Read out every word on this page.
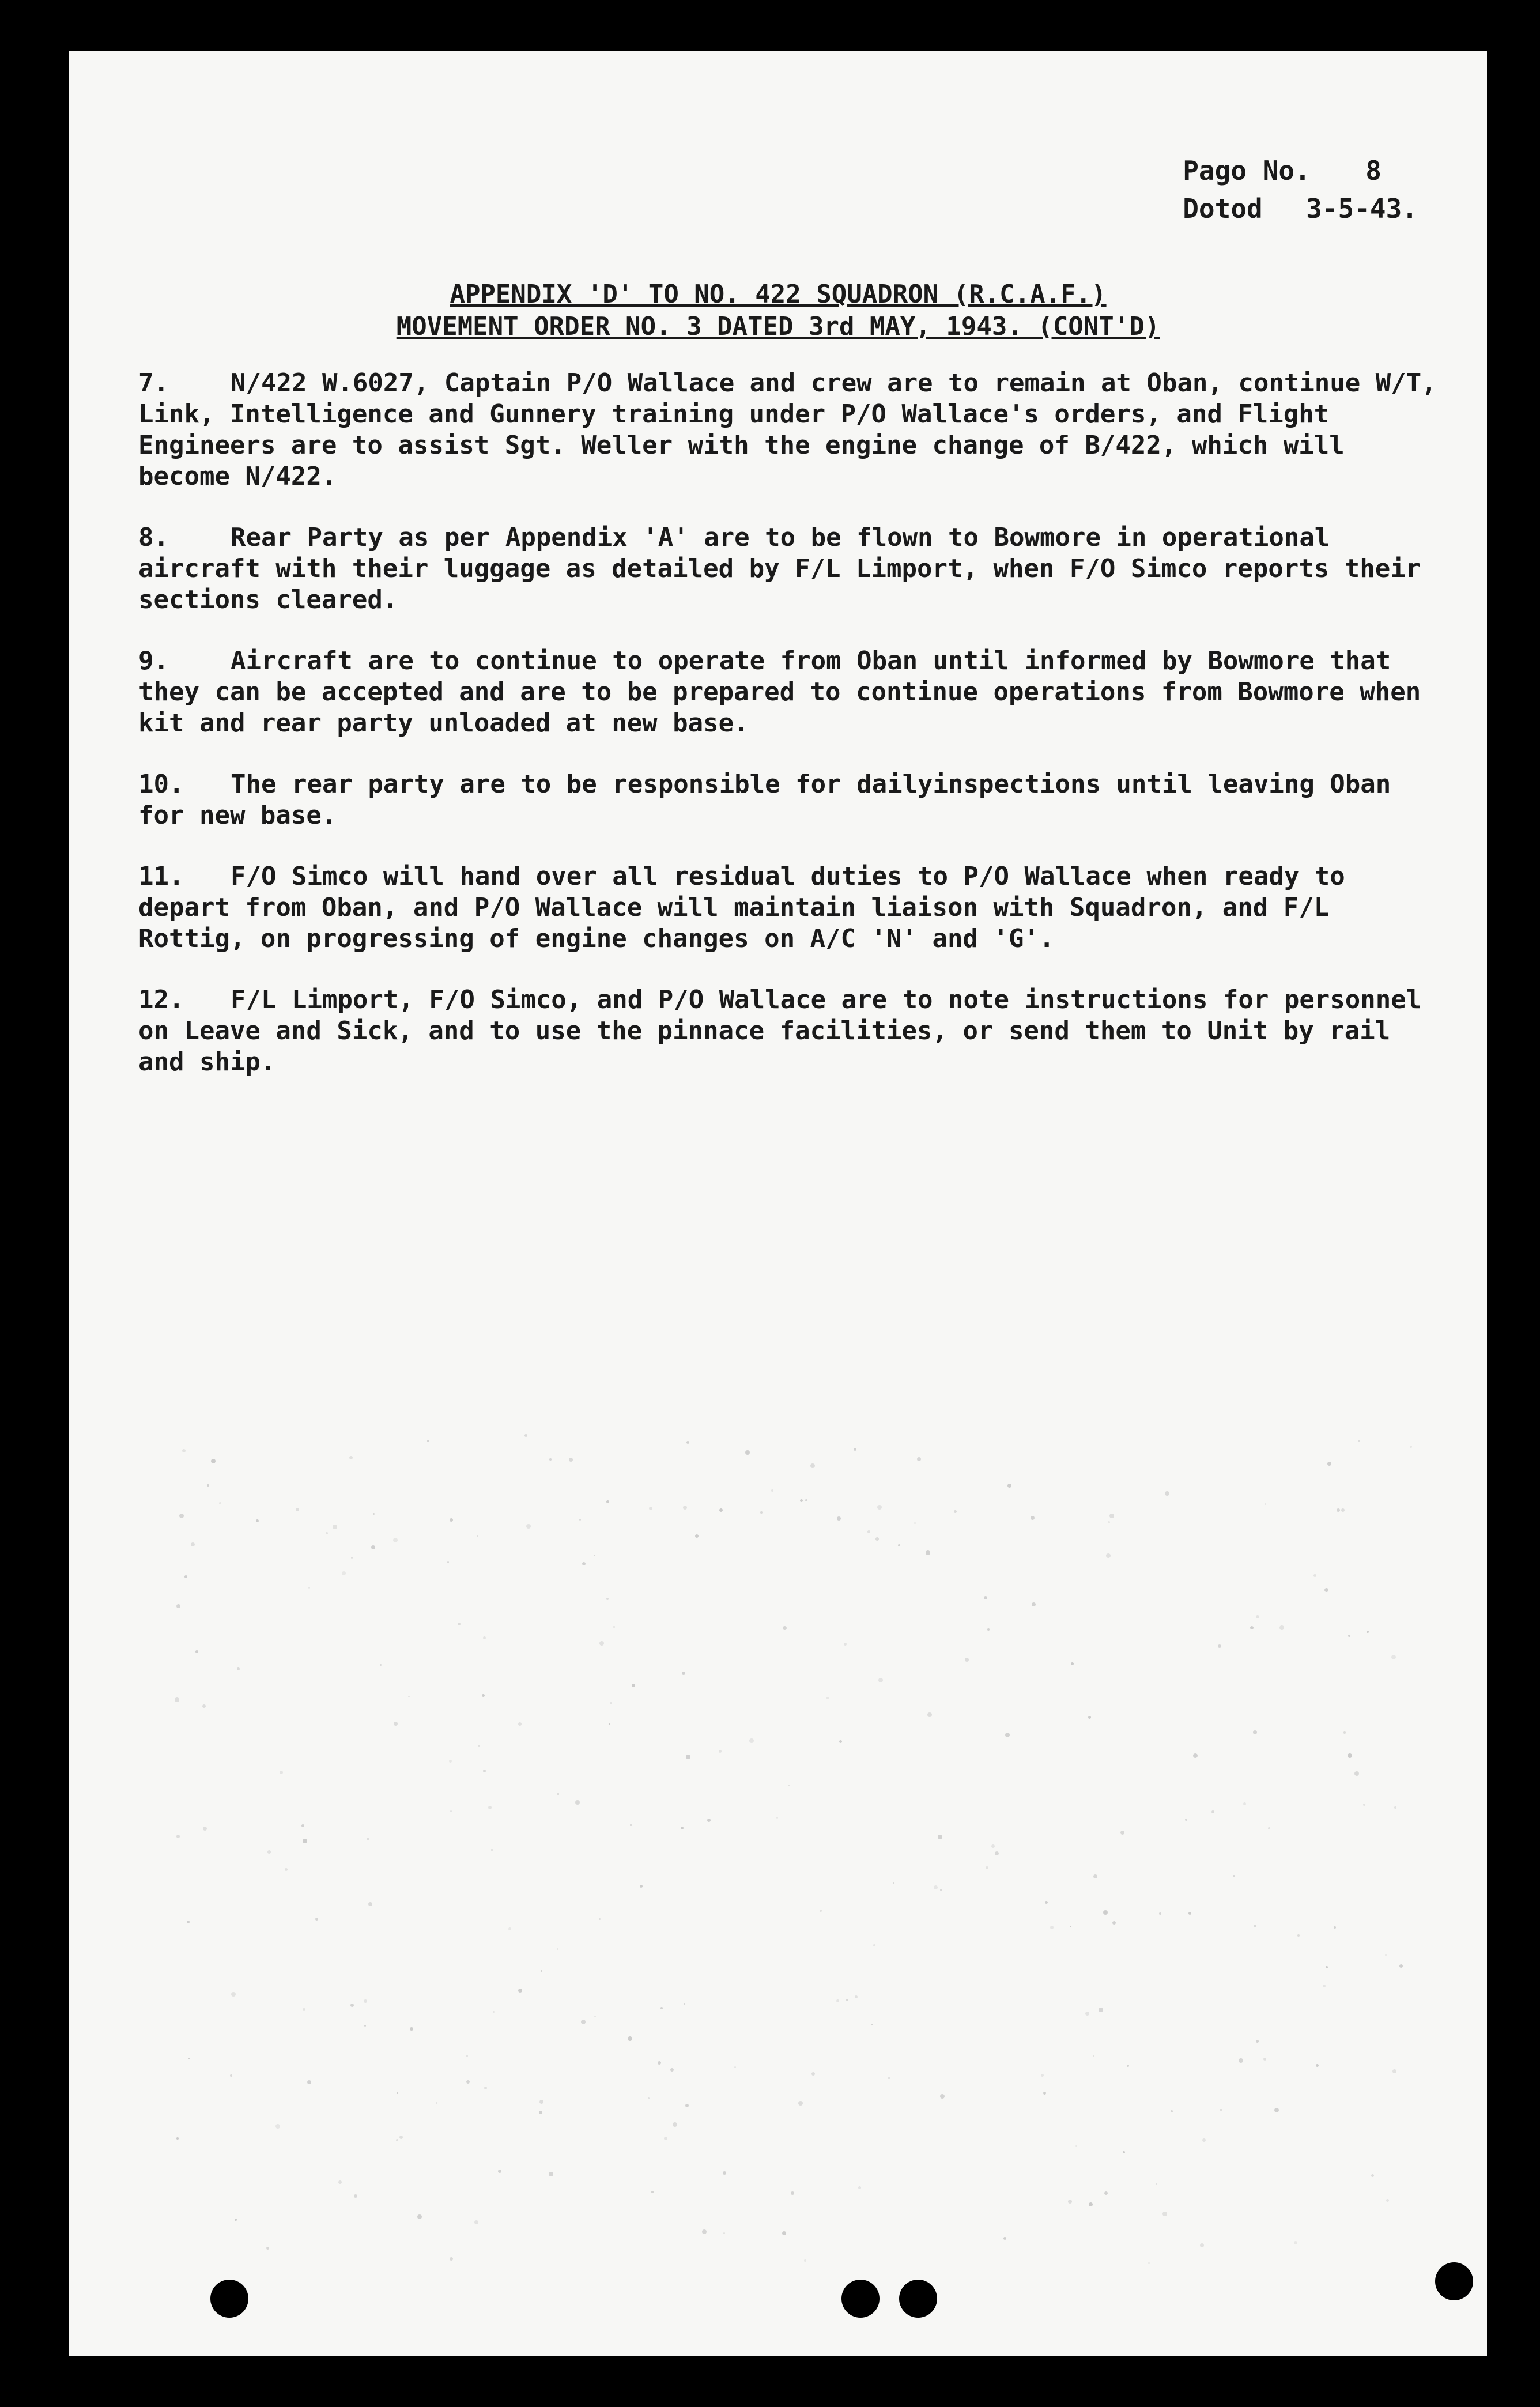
Pago No. 8
Dotod 3-5-43.
APPENDIX 'D' TO NO. 422 SQUADRON (R.C.A.F.)
MOVEMENT ORDER NO. 3 DATED 3rd MAY, 1943. (CONT'D)
7. N/422 W.6027, Captain P/O Wallace and crew are to remain at Oban, continue W/T, Link, Intelligence and Gunnery training under P/O Wallace's orders, and Flight Engineers are to assist Sgt. Weller with the engine change of B/422, which will become N/422.
8. Rear Party as per Appendix 'A' are to be flown to Bowmore in operational aircraft with their luggage as detailed by F/L Limport, when F/O Simco reports their sections cleared.
9. Aircraft are to continue to operate from Oban until informed by Bowmore that they can be accepted and are to be prepared to continue operations from Bowmore when kit and rear party unloaded at new base.
10. The rear party are to be responsible for dailyinspections until leaving Oban for new base.
11. F/O Simco will hand over all residual duties to P/O Wallace when ready to depart from Oban, and P/O Wallace will maintain liaison with Squadron, and F/L Rottig, on progressing of engine changes on A/C 'N' and 'G'.
12. F/L Limport, F/O Simco, and P/O Wallace are to note instructions for personnel on Leave and Sick, and to use the pinnace facilities, or send them to Unit by rail and ship.
